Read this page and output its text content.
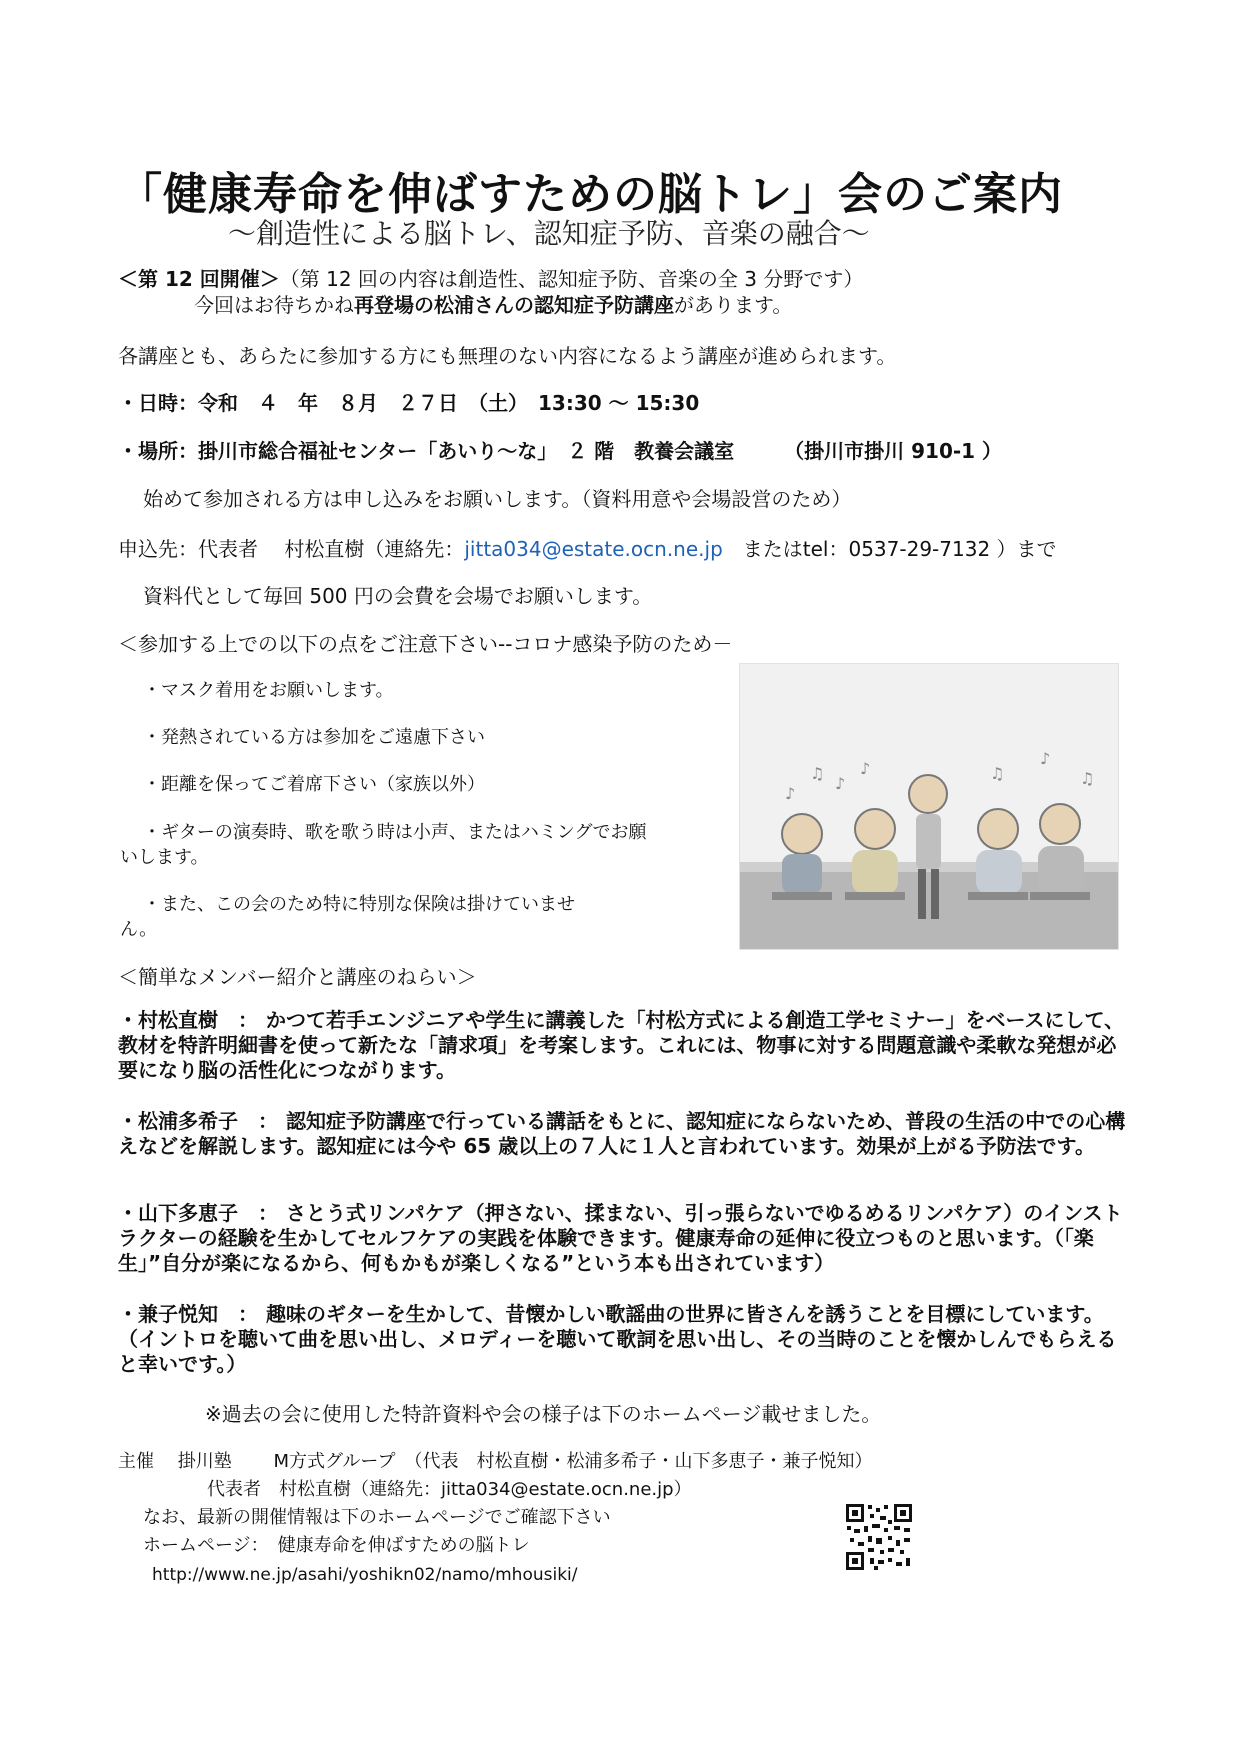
「健康寿命を伸ばすための脳トレ」会のご案内
～創造性による脳トレ、認知症予防、音楽の融合～
＜第 12 回開催＞（第 12 回の内容は創造性、認知症予防、音楽の全 3 分野です）
今回はお待ちかね再登場の松浦さんの認知症予防講座があります。
各講座とも、あらたに参加する方にも無理のない内容になるよう講座が進められます。
・日時：令和　４　年　８月　２７日　（土）　13:30 ～ 15:30
・場所：掛川市総合福祉センター「あいり～な」　２ 階　教養会議室　　　（掛川市掛川 910-1 ）
始めて参加される方は申し込みをお願いします。（資料用意や会場設営のため）
申込先：代表者　 村松直樹（連絡先：jitta034@estate.ocn.ne.jp　またはtel：0537-29-7132 ）まで
資料代として毎回 500 円の会費を会場でお願いします。
＜参加する上での以下の点をご注意下さい--コロナ感染予防のため－
・マスク着用をお願いします。
・発熱されている方は参加をご遠慮下さい
・距離を保ってご着席下さい（家族以外）
・ギターの演奏時、歌を歌う時は小声、またはハミングでお願
いします。
・また、この会のため特に特別な保険は掛けていませ
ん。
♪
♫
♪
♪	♫
♪
♫
＜簡単なメンバー紹介と講座のねらい＞
・村松直樹　： かつて若手エンジニアや学生に講義した「村松方式による創造工学セミナー」をベースにして、教材を特許明細書を使って新たな「請求項」を考案します。これには、物事に対する問題意識や柔軟な発想が必要になり脳の活性化につながります。
・松浦多希子　： 認知症予防講座で行っている講話をもとに、認知症にならないため、普段の生活の中での心構えなどを解説します。認知症には今や 65 歳以上の７人に１人と言われています。効果が上がる予防法です。
・山下多恵子　： さとう式リンパケア（押さない、揉まない、引っ張らないでゆるめるリンパケア）のインストラクターの経験を生かしてセルフケアの実践を体験できます。健康寿命の延伸に役立つものと思います。（「楽生」”自分が楽になるから、何もかもが楽しくなる”という本も出されています）
・兼子悦知　： 趣味のギターを生かして、昔懐かしい歌謡曲の世界に皆さんを誘うことを目標にしています。（イントロを聴いて曲を思い出し、メロディーを聴いて歌詞を思い出し、その当時のことを懐かしんでもらえると幸いです。）
※過去の会に使用した特許資料や会の様子は下のホームページ載せました。
主催　 掛川塾　　 M方式グループ　（代表　村松直樹・松浦多希子・山下多恵子・兼子悦知）
代表者　村松直樹（連絡先：jitta034@estate.ocn.ne.jp）
なお、最新の開催情報は下のホームページでご確認下さい
ホームページ：　健康寿命を伸ばすための脳トレ
http://www.ne.jp/asahi/yoshikn02/namo/mhousiki/
